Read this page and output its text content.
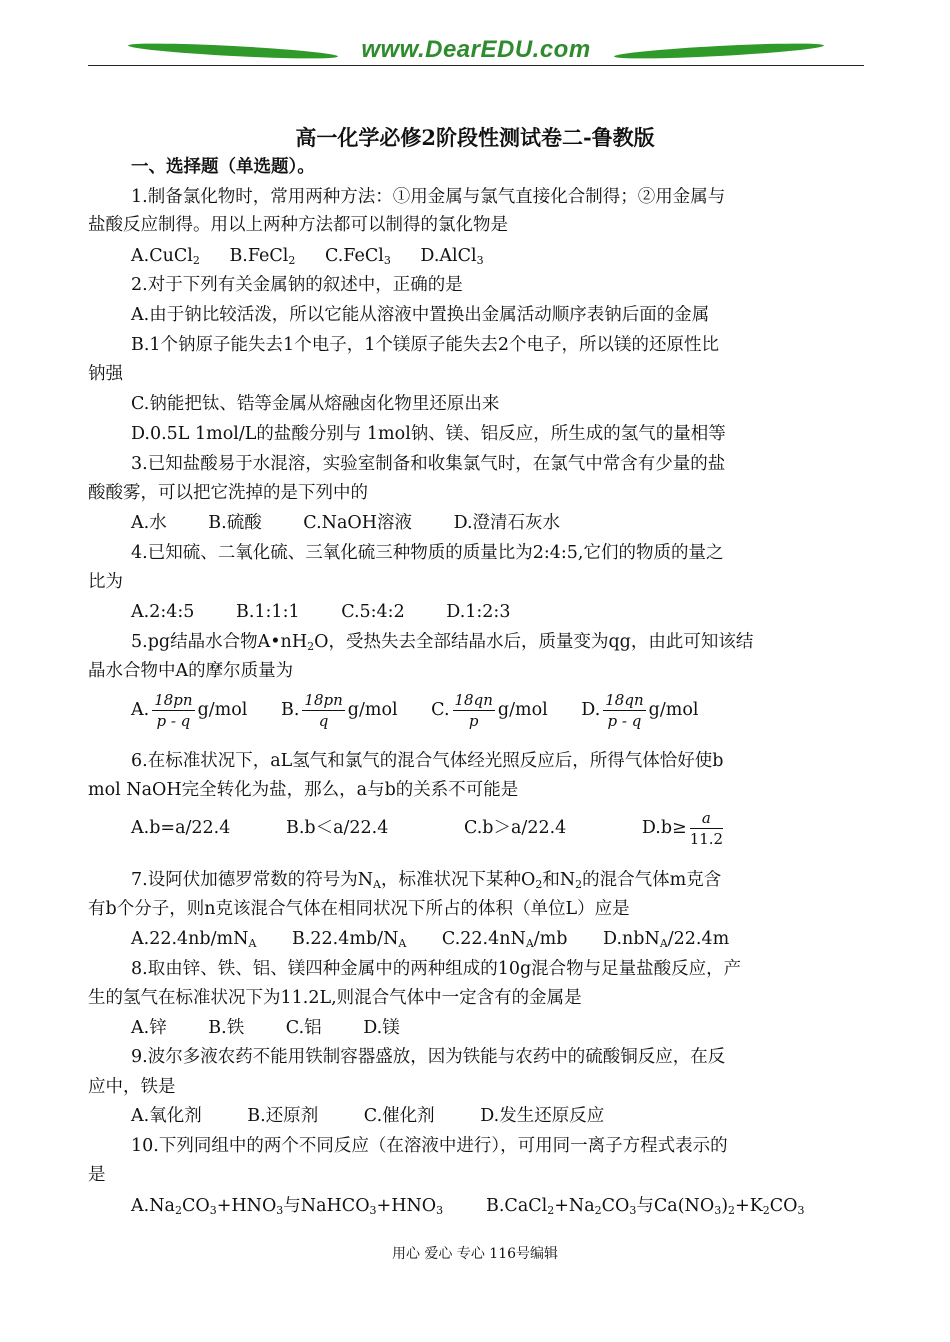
www.DearEDU.com
高一化学必修2阶段性测试卷二-鲁教版
一、选择题（单选题）。
1.制备氯化物时，常用两种方法：①用金属与氯气直接化合制得；②用金属与
盐酸反应制得。用以上两种方法都可以制得的氯化物是
A.CuCl$_2$ B.FeCl$_2$ C.FeCl$_3$ D.AlCl$_3$
2.对于下列有关金属钠的叙述中，正确的是
A.由于钠比较活泼，所以它能从溶液中置换出金属活动顺序表钠后面的金属
B.1个钠原子能失去1个电子，1个镁原子能失去2个电子，所以镁的还原性比
钠强
C.钠能把钛、锆等金属从熔融卤化物里还原出来
D.0.5L 1mol/L的盐酸分别与 1mol钠、镁、铝反应，所生成的氢气的量相等
3.已知盐酸易于水混溶，实验室制备和收集氯气时，在氯气中常含有少量的盐
酸酸雾，可以把它洗掉的是下列中的
A.水 B.硫酸 C.NaOH溶液 D.澄清石灰水
4.已知硫、二氧化硫、三氧化硫三种物质的质量比为2:4:5,它们的物质的量之
比为
A.2:4:5 B.1:1:1 C.5:4:2 D.1:2:3
5.pg结晶水合物$A•nH_2O$，受热失去全部结晶水后，质量变为qg，由此可知该结
晶水合物中A的摩尔质量为
A. $\frac{18pn}{p - q} g/mol$ B. $\frac{18pn}{q} g/mol$ C. $\frac{18qn}{p} g/mol$ D. $\frac{18qn}{p - q} g/mol$
6.在标准状况下，aL氢气和氯气的混合气体经光照反应后，所得气体恰好使b
mol NaOH完全转化为盐，那么，a与b的关系不可能是
A.b=a/22.4	B.b＜a/22.4	C.b＞a/22.4	$D.b\ge \frac{a}{11.2}$
7.设阿伏加德罗常数的符号为$N_A$，标准状况下某种$O_2$和$N_2$的混合气体m克含
有b个分子，则n克该混合气体在相同状况下所占的体积（单位L）应是
$A.22.4nb/mN_A$ $B.22.4mb/N_A$ $C.22.4nN_A/mb$ D.nbN$_A$/22.4m
8.取由锌、铁、铝、镁四种金属中的两种组成的10g混合物与足量盐酸反应，产
生的氢气在标准状况下为11.2L,则混合气体中一定含有的金属是
A.锌 B.铁 C.铝 D.镁
9.波尔多液农药不能用铁制容器盛放，因为铁能与农药中的硫酸铜反应，在反
应中，铁是
A.氧化剂	B.还原剂	C.催化剂	D.发生还原反应
10.下列同组中的两个不同反应（在溶液中进行），可用同一离子方程式表示的
是
$A.Na_2CO_3+HNO_3$与$NaHCO_3+HNO_3$ $B.CaCl_2+Na_2CO_3$与$Ca(NO_3)_2+K_2CO_3$
用心 爱心 专心 116号编辑
